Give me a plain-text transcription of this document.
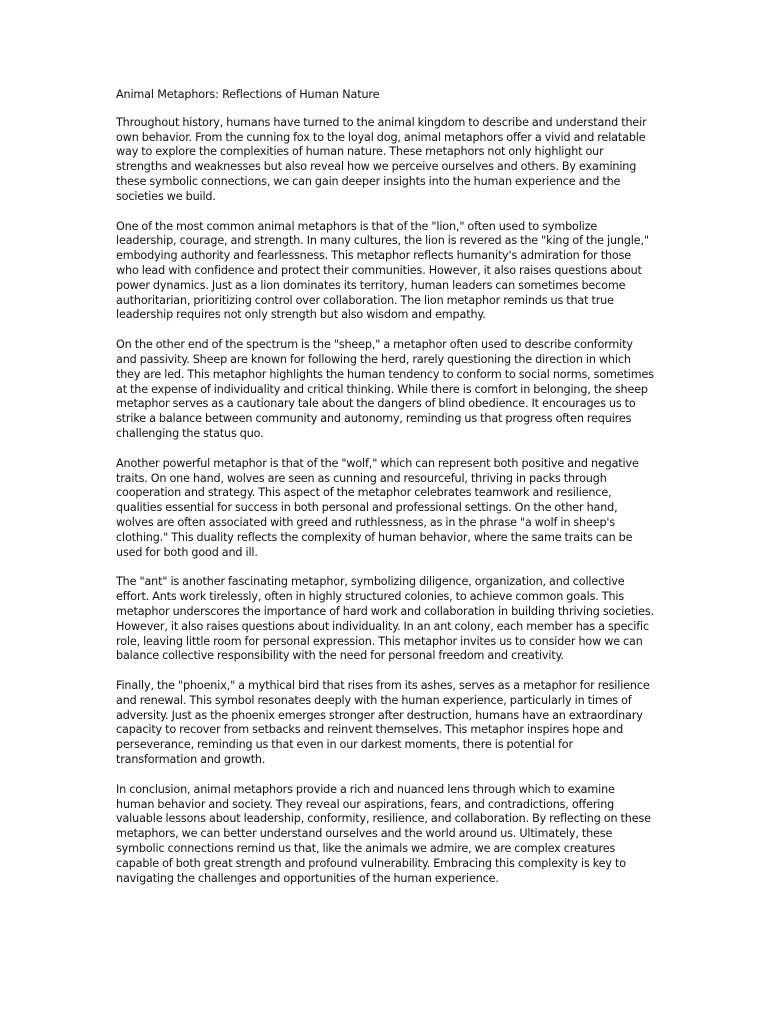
Animal Metaphors: Reflections of Human Nature

Throughout history, humans have turned to the animal kingdom to describe and understand their own behavior. From the cunning fox to the loyal dog, animal metaphors offer a vivid and relatable way to explore the complexities of human nature. These metaphors not only highlight our strengths and weaknesses but also reveal how we perceive ourselves and others. By examining these symbolic connections, we can gain deeper insights into the human experience and the societies we build.

One of the most common animal metaphors is that of the "lion," often used to symbolize leadership, courage, and strength. In many cultures, the lion is revered as the "king of the jungle," embodying authority and fearlessness. This metaphor reflects humanity's admiration for those who lead with confidence and protect their communities. However, it also raises questions about power dynamics. Just as a lion dominates its territory, human leaders can sometimes become authoritarian, prioritizing control over collaboration. The lion metaphor reminds us that true leadership requires not only strength but also wisdom and empathy.

On the other end of the spectrum is the "sheep," a metaphor often used to describe conformity and passivity. Sheep are known for following the herd, rarely questioning the direction in which they are led. This metaphor highlights the human tendency to conform to social norms, sometimes at the expense of individuality and critical thinking. While there is comfort in belonging, the sheep metaphor serves as a cautionary tale about the dangers of blind obedience. It encourages us to strike a balance between community and autonomy, reminding us that progress often requires challenging the status quo.

Another powerful metaphor is that of the "wolf," which can represent both positive and negative traits. On one hand, wolves are seen as cunning and resourceful, thriving in packs through cooperation and strategy. This aspect of the metaphor celebrates teamwork and resilience, qualities essential for success in both personal and professional settings. On the other hand, wolves are often associated with greed and ruthlessness, as in the phrase "a wolf in sheep's clothing." This duality reflects the complexity of human behavior, where the same traits can be used for both good and ill.

The "ant" is another fascinating metaphor, symbolizing diligence, organization, and collective effort. Ants work tirelessly, often in highly structured colonies, to achieve common goals. This metaphor underscores the importance of hard work and collaboration in building thriving societies. However, it also raises questions about individuality. In an ant colony, each member has a specific role, leaving little room for personal expression. This metaphor invites us to consider how we can balance collective responsibility with the need for personal freedom and creativity.

Finally, the "phoenix," a mythical bird that rises from its ashes, serves as a metaphor for resilience and renewal. This symbol resonates deeply with the human experience, particularly in times of adversity. Just as the phoenix emerges stronger after destruction, humans have an extraordinary capacity to recover from setbacks and reinvent themselves. This metaphor inspires hope and perseverance, reminding us that even in our darkest moments, there is potential for transformation and growth.

In conclusion, animal metaphors provide a rich and nuanced lens through which to examine human behavior and society. They reveal our aspirations, fears, and contradictions, offering valuable lessons about leadership, conformity, resilience, and collaboration. By reflecting on these metaphors, we can better understand ourselves and the world around us. Ultimately, these symbolic connections remind us that, like the animals we admire, we are complex creatures capable of both great strength and profound vulnerability. Embracing this complexity is key to navigating the challenges and opportunities of the human experience.
